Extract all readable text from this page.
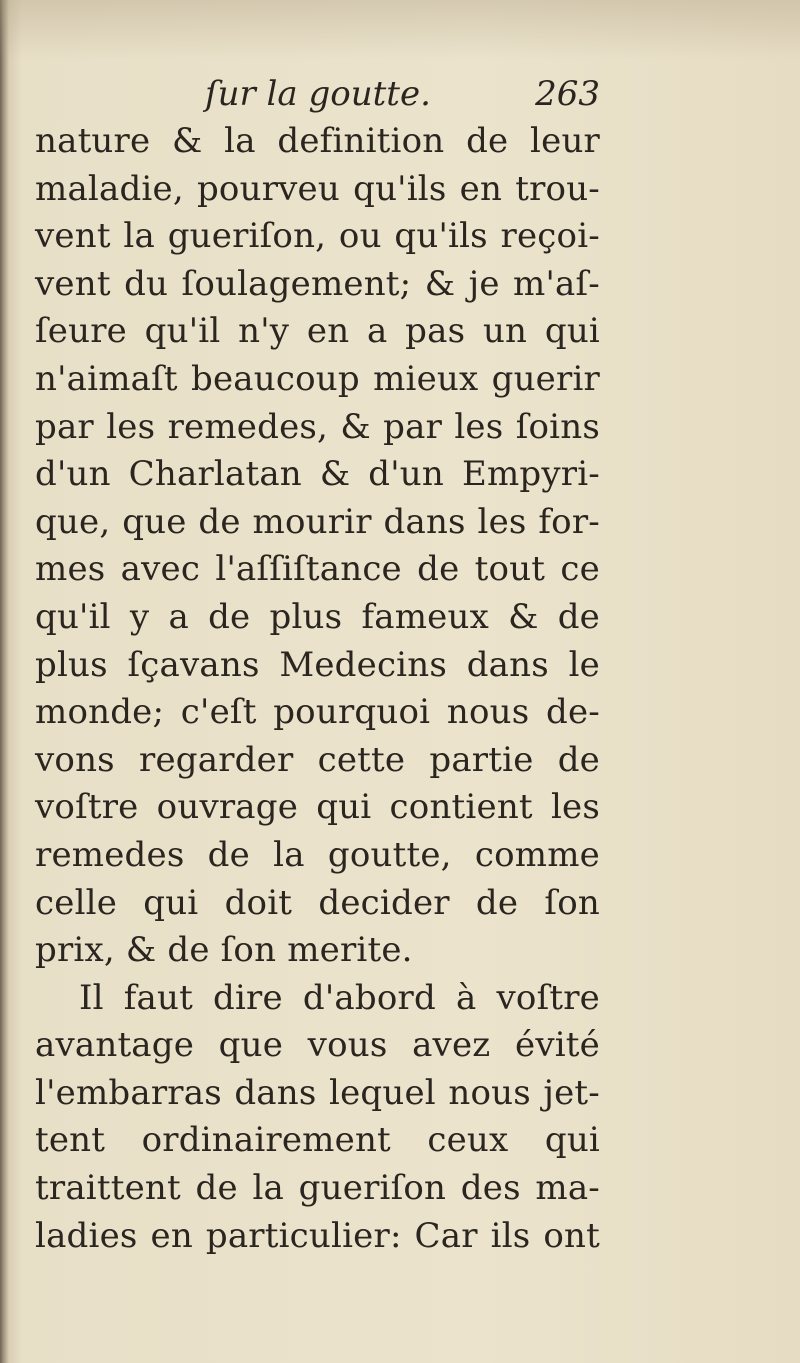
ſur la goutte.	263
nature & la definition de leur
maladie, pourveu qu'ils en trou-
vent la gueriſon, ou qu'ils reçoi-
vent du ſoulagement; & je m'aſ-
ſeure qu'il n'y en a pas un qui
n'aimaſt beaucoup mieux guerir
par les remedes, & par les ſoins
d'un Charlatan & d'un Empyri-
que, que de mourir dans les for-
mes avec l'aſſiſtance de tout ce
qu'il y a de plus fameux & de
plus ſçavans Medecins dans le
monde; c'eſt pourquoi nous de-
vons regarder cette partie de
voſtre ouvrage qui contient les
remedes de la goutte, comme
celle qui doit decider de ſon
prix, & de ſon merite.
Il faut dire d'abord à voſtre
avantage que vous avez évité
l'embarras dans lequel nous jet-
tent ordinairement ceux qui
traittent de la gueriſon des ma-
ladies en particulier: Car ils ont
